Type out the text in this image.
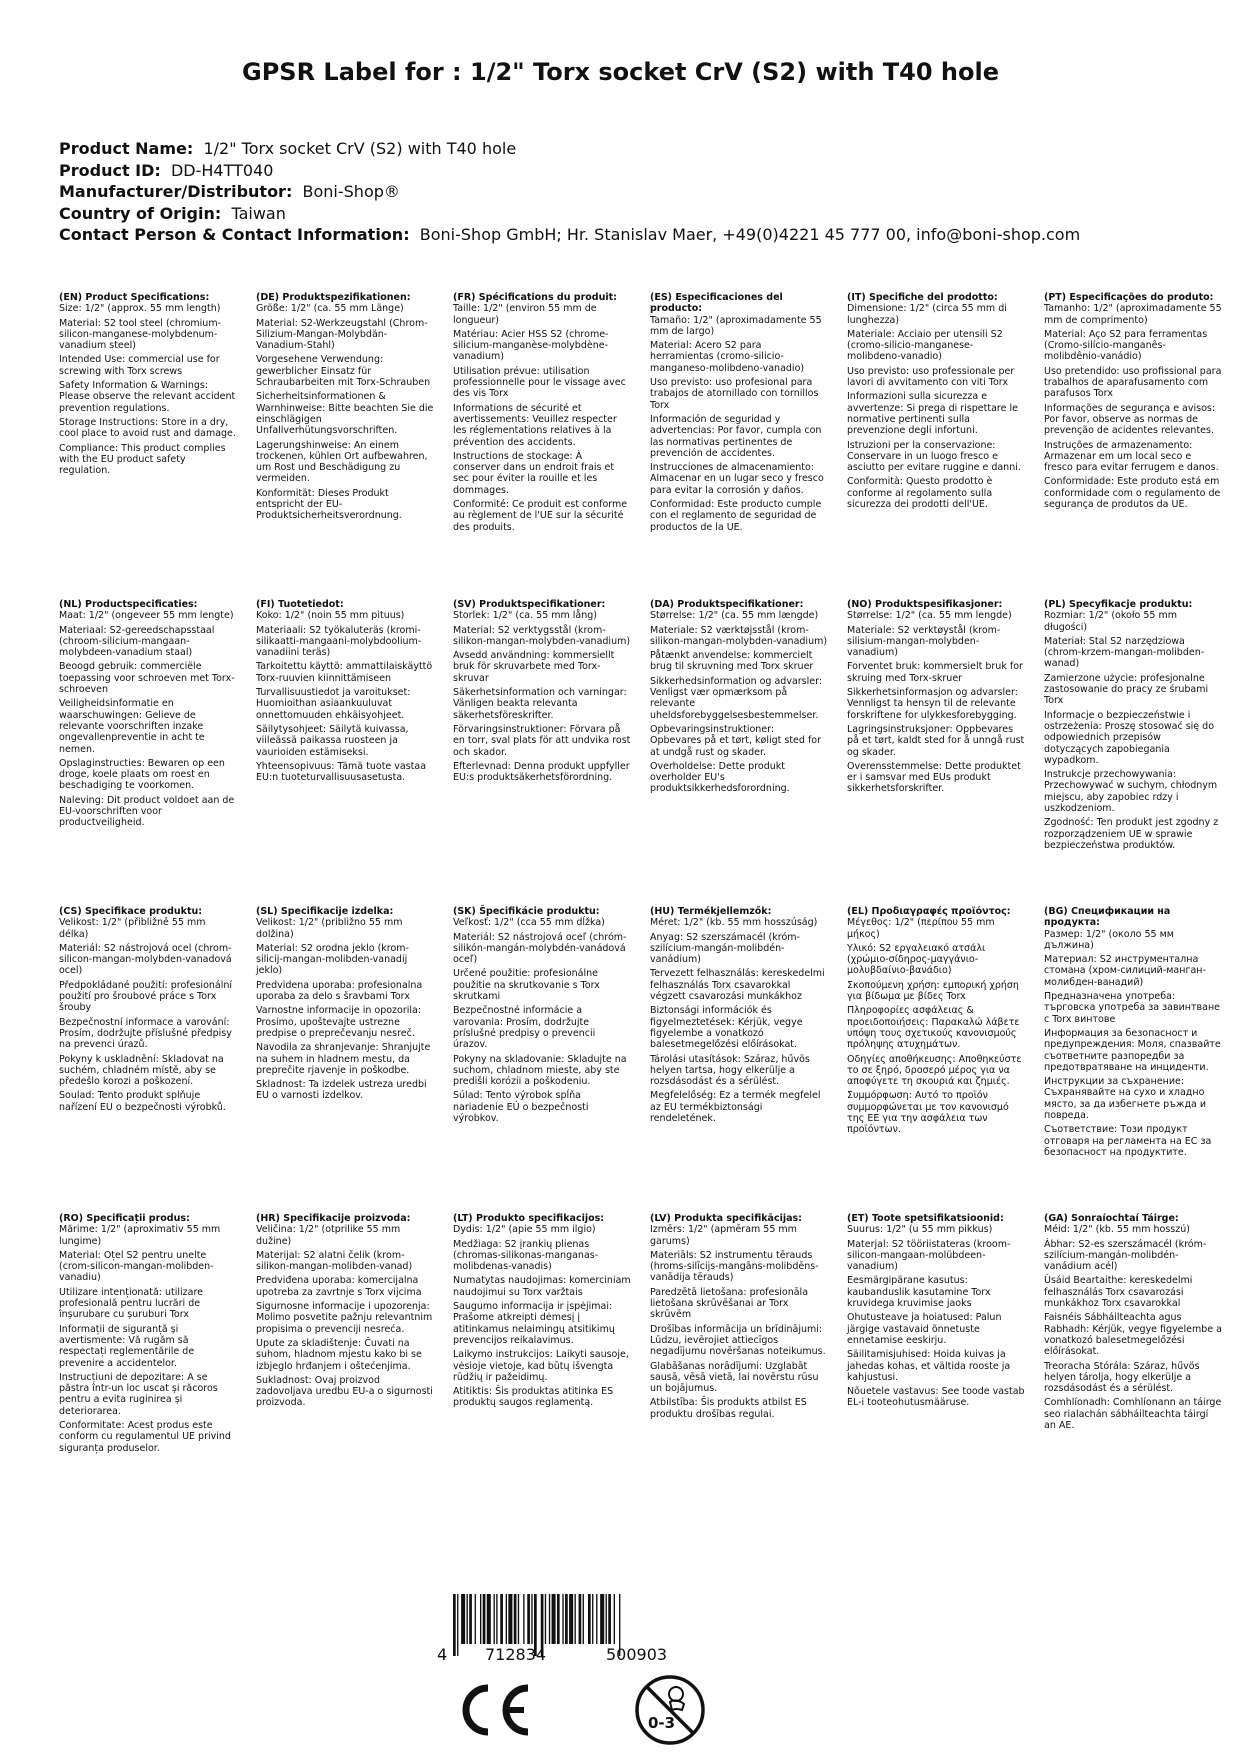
GPSR Label for : 1/2" Torx socket CrV (S2) with T40 hole
Product Name: 1/2" Torx socket CrV (S2) with T40 hole
Product ID: DD-H4TT040
Manufacturer/Distributor: Boni-Shop®
Country of Origin: Taiwan
Contact Person & Contact Information: Boni-Shop GmbH; Hr. Stanislav Maer, +49(0)4221 45 777 00, info@boni-shop.com
(EN) Product Specifications:
Size: 1/2" (approx. 55 mm length)
Material: S2 tool steel (chromium-silicon-manganese-molybdenum-vanadium steel)
Intended Use: commercial use for screwing with Torx screws
Safety Information & Warnings: Please observe the relevant accident prevention regulations.
Storage Instructions: Store in a dry, cool place to avoid rust and damage.
Compliance: This product complies with the EU product safety regulation.
(DE) Produktspezifikationen:
Größe: 1/2" (ca. 55 mm Länge)
Material: S2-Werkzeugstahl (Chrom-Silizium-Mangan-Molybdän-Vanadium-Stahl)
Vorgesehene Verwendung: gewerblicher Einsatz für Schraubarbeiten mit Torx-Schrauben
Sicherheitsinformationen & Warnhinweise: Bitte beachten Sie die einschlägigen Unfallverhütungsvorschriften.
Lagerungshinweise: An einem trockenen, kühlen Ort aufbewahren, um Rost und Beschädigung zu vermeiden.
Konformität: Dieses Produkt entspricht der EU-Produktsicherheitsverordnung.
(FR) Spécifications du produit:
Taille: 1/2" (environ 55 mm de longueur)
Matériau: Acier HSS S2 (chrome-silicium-manganèse-molybdène-vanadium)
Utilisation prévue: utilisation professionnelle pour le vissage avec des vis Torx
Informations de sécurité et avertissements: Veuillez respecter les réglementations relatives à la prévention des accidents.
Instructions de stockage: À conserver dans un endroit frais et sec pour éviter la rouille et les dommages.
Conformité: Ce produit est conforme au règlement de l'UE sur la sécurité des produits.
(ES) Especificaciones del producto:
Tamaño: 1/2" (aproximadamente 55 mm de largo)
Material: Acero S2 para herramientas (cromo-silicio-manganeso-molibdeno-vanadio)
Uso previsto: uso profesional para trabajos de atornillado con tornillos Torx
Información de seguridad y advertencias: Por favor, cumpla con las normativas pertinentes de prevención de accidentes.
Instrucciones de almacenamiento: Almacenar en un lugar seco y fresco para evitar la corrosión y daños.
Conformidad: Este producto cumple con el reglamento de seguridad de productos de la UE.
(IT) Specifiche del prodotto:
Dimensione: 1/2" (circa 55 mm di lunghezza)
Materiale: Acciaio per utensili S2 (cromo-silicio-manganese-molibdeno-vanadio)
Uso previsto: uso professionale per lavori di avvitamento con viti Torx
Informazioni sulla sicurezza e avvertenze: Si prega di rispettare le normative pertinenti sulla prevenzione degli infortuni.
Istruzioni per la conservazione: Conservare in un luogo fresco e asciutto per evitare ruggine e danni.
Conformità: Questo prodotto è conforme al regolamento sulla sicurezza dei prodotti dell'UE.
(PT) Especificações do produto:
Tamanho: 1/2" (aproximadamente 55 mm de comprimento)
Material: Aço S2 para ferramentas (Cromo-silício-manganês-molibdênio-vanádio)
Uso pretendido: uso profissional para trabalhos de aparafusamento com parafusos Torx
Informações de segurança e avisos: Por favor, observe as normas de prevenção de acidentes relevantes.
Instruções de armazenamento: Armazenar em um local seco e fresco para evitar ferrugem e danos.
Conformidade: Este produto está em conformidade com o regulamento de segurança de produtos da UE.
(NL) Productspecificaties:
Maat: 1/2" (ongeveer 55 mm lengte)
Materiaal: S2-gereedschapsstaal (chroom-silicium-mangaan-molybdeen-vanadium staal)
Beoogd gebruik: commerciële toepassing voor schroeven met Torx-schroeven
Veiligheidsinformatie en waarschuwingen: Gelieve de relevante voorschriften inzake ongevallenpreventie in acht te nemen.
Opslaginstructies: Bewaren op een droge, koele plaats om roest en beschadiging te voorkomen.
Naleving: Dit product voldoet aan de EU-voorschriften voor productveiligheid.
(FI) Tuotetiedot:
Koko: 1/2" (noin 55 mm pituus)
Materiaali: S2 työkaluteräs (kromi-silikaatti-mangaani-molybdoolium-vanadiini teräs)
Tarkoitettu käyttö: ammattilaiskäyttö Torx-ruuvien kiinnittämiseen
Turvallisuustiedot ja varoitukset: Huomioithan asiaankuuluvat onnettomuuden ehkäisyohjeet.
Säilytysohjeet: Säilytä kuivassa, viileässä paikassa ruosteen ja vaurioiden estämiseksi.
Yhteensopivuus: Tämä tuote vastaa EU:n tuoteturvallisuusasetusta.
(SV) Produktspecifikationer:
Storlek: 1/2" (ca. 55 mm lång)
Material: S2 verktygsstål (krom-silikon-mangan-molybden-vanadium)
Avsedd användning: kommersiellt bruk för skruvarbete med Torx-skruvar
Säkerhetsinformation och varningar: Vänligen beakta relevanta säkerhetsföreskrifter.
Förvaringsinstruktioner: Förvara på en torr, sval plats för att undvika rost och skador.
Efterlevnad: Denna produkt uppfyller EU:s produktsäkerhetsförordning.
(DA) Produktspecifikationer:
Størrelse: 1/2" (ca. 55 mm længde)
Materiale: S2 værktøjsstål (krom-silikon-mangan-molybden-vanadium)
Påtænkt anvendelse: kommercielt brug til skruvning med Torx skruer
Sikkerhedsinformation og advarsler: Venligst vær opmærksom på relevante uheldsforebyggelsesbestemmelser.
Opbevaringsinstruktioner: Opbevares på et tørt, køligt sted for at undgå rust og skader.
Overholdelse: Dette produkt overholder EU's produktsikkerhedsforordning.
(NO) Produktspesifikasjoner:
Størrelse: 1/2" (ca. 55 mm lengde)
Materiale: S2 verktøystål (krom-silisium-mangan-molybden-vanadium)
Forventet bruk: kommersielt bruk for skruing med Torx-skruer
Sikkerhetsinformasjon og advarsler: Vennligst ta hensyn til de relevante forskriftene for ulykkesforebygging.
Lagringsinstruksjoner: Oppbevares på et tørt, kaldt sted for å unngå rust og skader.
Overensstemmelse: Dette produktet er i samsvar med EUs produkt sikkerhetsforskrifter.
(PL) Specyfikacje produktu:
Rozmiar: 1/2" (około 55 mm długości)
Materiał: Stal S2 narzędziowa (chrom-krzem-mangan-molibden-wanad)
Zamierzone użycie: profesjonalne zastosowanie do pracy ze śrubami Torx
Informacje o bezpieczeństwie i ostrzeżenia: Proszę stosować się do odpowiednich przepisów dotyczących zapobiegania wypadkom.
Instrukcje przechowywania: Przechowywać w suchym, chłodnym miejscu, aby zapobiec rdzy i uszkodzeniom.
Zgodność: Ten produkt jest zgodny z rozporządzeniem UE w sprawie bezpieczeństwa produktów.
(CS) Specifikace produktu:
Velikost: 1/2" (přibližně 55 mm délka)
Materiál: S2 nástrojová ocel (chrom-silicon-mangan-molybden-vanadová ocel)
Předpokládané použití: profesionální použití pro šroubové práce s Torx šrouby
Bezpečnostní informace a varování: Prosím, dodržujte příslušné předpisy na prevenci úrazů.
Pokyny k uskladnění: Skladovat na suchém, chladném místě, aby se předešlo korozi a poškození.
Soulad: Tento produkt splňuje nařízení EU o bezpečnosti výrobků.
(SL) Specifikacije izdelka:
Velikost: 1/2" (približno 55 mm dolžina)
Material: S2 orodna jeklo (krom-silicij-mangan-molibden-vanadij jeklo)
Predvidena uporaba: profesionalna uporaba za delo s šravbami Torx
Varnostne informacije in opozorila: Prosimo, upoštevajte ustrezne predpise o preprečevanju nesreč.
Navodila za shranjevanje: Shranjujte na suhem in hladnem mestu, da preprečite rjavenje in poškodbe.
Skladnost: Ta izdelek ustreza uredbi EU o varnosti izdelkov.
(SK) Špecifikácie produktu:
Veľkosť: 1/2" (cca 55 mm dĺžka)
Materiál: S2 nástrojová oceľ (chróm-silikón-mangán-molybdén-vanádová oceľ)
Určené použitie: profesionálne použitie na skrutkovanie s Torx skrutkami
Bezpečnostné informácie a varovania: Prosím, dodržujte príslušné predpisy o prevencii úrazov.
Pokyny na skladovanie: Skladujte na suchom, chladnom mieste, aby ste predišli korózii a poškodeniu.
Súlad: Tento výrobok spĺňa nariadenie EÚ o bezpečnosti výrobkov.
(HU) Termékjellemzők:
Méret: 1/2" (kb. 55 mm hosszúság)
Anyag: S2 szerszámacél (króm-szilícium-mangán-molibdén-vanádium)
Tervezett felhasználás: kereskedelmi felhasználás Torx csavarokkal végzett csavarozási munkákhoz
Biztonsági információk és figyelmeztetések: Kérjük, vegye figyelembe a vonatkozó balesetmegelőzési előírásokat.
Tárolási utasítások: Száraz, hűvös helyen tartsa, hogy elkerülje a rozsdásodást és a sérülést.
Megfelelőség: Ez a termék megfelel az EU termékbiztonsági rendeletének.
(EL) Προδιαγραφές προϊόντος:
Μέγεθος: 1/2" (περίπου 55 mm μήκος)
Υλικό: S2 εργαλειακό ατσάλι (χρώμιο-σίδηρος-μαγγάνιο-μολυβδαίνιο-βανάδιο)
Σκοπούμενη χρήση: εμπορική χρήση για βίδωμα με βίδες Torx
Πληροφορίες ασφάλειας & προειδοποιήσεις: Παρακαλώ λάβετε υπόψη τους σχετικούς κανονισμούς πρόληψης ατυχημάτων.
Οδηγίες αποθήκευσης: Αποθηκεύστε το σε ξηρό, δροσερό μέρος για να αποφύγετε τη σκουριά και ζημιές.
Συμμόρφωση: Αυτό το προϊόν συμμορφώνεται με τον κανονισμό της ΕΕ για την ασφάλεια των προϊόντων.
(BG) Спецификации на продукта:
Размер: 1/2" (около 55 мм дължина)
Материал: S2 инструментална стомана (хром-силиций-манган-молибден-ванадий)
Предназначена употреба: търговска употреба за завинтване с Torx винтове
Информация за безопасност и предупреждения: Моля, спазвайте съответните разпоредби за предотвратяване на инциденти.
Инструкции за съхранение: Съхранявайте на сухо и хладно място, за да избегнете ръжда и повреда.
Съответствие: Този продукт отговаря на регламента на ЕС за безопасност на продуктите.
(RO) Specificații produs:
Mărime: 1/2" (aproximativ 55 mm lungime)
Material: Oțel S2 pentru unelte (crom-silicon-mangan-molibden-vanadiu)
Utilizare intenționată: utilizare profesională pentru lucrări de înșurubare cu șuruburi Torx
Informații de siguranță și avertismente: Vă rugăm să respectați reglementările de prevenire a accidentelor.
Instrucțiuni de depozitare: A se păstra într-un loc uscat și răcoros pentru a evita ruginirea și deteriorarea.
Conformitate: Acest produs este conform cu regulamentul UE privind siguranța produselor.
(HR) Specifikacije proizvoda:
Veličina: 1/2" (otprilike 55 mm dužine)
Materijal: S2 alatni čelik (krom-silikon-mangan-molibden-vanad)
Predviđena uporaba: komercijalna upotreba za zavrtnje s Torx vijcima
Sigurnosne informacije i upozorenja: Molimo posvetite pažnju relevantnim propisima o prevenciji nesreća.
Upute za skladištenje: Čuvati na suhom, hladnom mjestu kako bi se izbjeglo hrđanjem i oštećenjima.
Sukladnost: Ovaj proizvod zadovoljava uredbu EU-a o sigurnosti proizvoda.
(LT) Produkto specifikacijos:
Dydis: 1/2" (apie 55 mm ilgio)
Medžiaga: S2 įrankių plienas (chromas-silikonas-manganas-molibdenas-vanadis)
Numatytas naudojimas: komerciniam naudojimui su Torx varžtais
Saugumo informacija ir įspėjimai: Prašome atkreipti dėmesį į atitinkamus nelaimingų atsitikimų prevencijos reikalavimus.
Laikymo instrukcijos: Laikyti sausoje, vėsioje vietoje, kad būtų išvengta rūdžių ir pažeidimų.
Atitiktis: Šis produktas atitinka ES produktų saugos reglamentą.
(LV) Produkta specifikācijas:
Izmērs: 1/2" (apmēram 55 mm garums)
Materiāls: S2 instrumentu tērauds (hroms-silīcijs-mangāns-molibdēns-vanādija tērauds)
Paredzētā lietošana: profesionāla lietošana skrūvēšanai ar Torx skrūvēm
Drošības informācija un brīdinājumi: Lūdzu, ievērojiet attiecīgos negadījumu novēršanas noteikumus.
Glabāšanas norādījumi: Uzglabāt sausā, vēsā vietā, lai novērstu rūsu un bojājumus.
Atbilstība: Šis produkts atbilst ES produktu drošības regulai.
(ET) Toote spetsifikatsioonid:
Suurus: 1/2" (u 55 mm pikkus)
Materjal: S2 tööriistateras (kroom-silicon-mangaan-molübdeen-vanadium)
Eesmärgipärane kasutus: kaubanduslik kasutamine Torx kruvidega kruvimise jaoks
Ohutusteave ja hoiatused: Palun järgige vastavaid õnnetuste ennetamise eeskirju.
Säilitamisjuhised: Hoida kuivas ja jahedas kohas, et vältida rooste ja kahjustusi.
Nõuetele vastavus: See toode vastab EL-i tooteohutusmääruse.
(GA) Sonraíochtaí Táirge:
Méid: 1/2" (kb. 55 mm hosszú)
Ábhar: S2-es szerszámacél (króm-szilícium-mangán-molibdén-vanádium acél)
Úsáid Beartaithe: kereskedelmi felhasználás Torx csavarozási munkákhoz Torx csavarokkal
Faisnéis Sábháilteachta agus Rabhadh: Kérjük, vegye figyelembe a vonatkozó balesetmegelőzési előírásokat.
Treoracha Stórála: Száraz, hűvös helyen tárolja, hogy elkerülje a rozsdásodást és a sérülést.
Comhlíonadh: Comhlíonann an táirge seo rialachán sábháilteachta táirgí an AE.
4 712834	500903
CE
0-3
